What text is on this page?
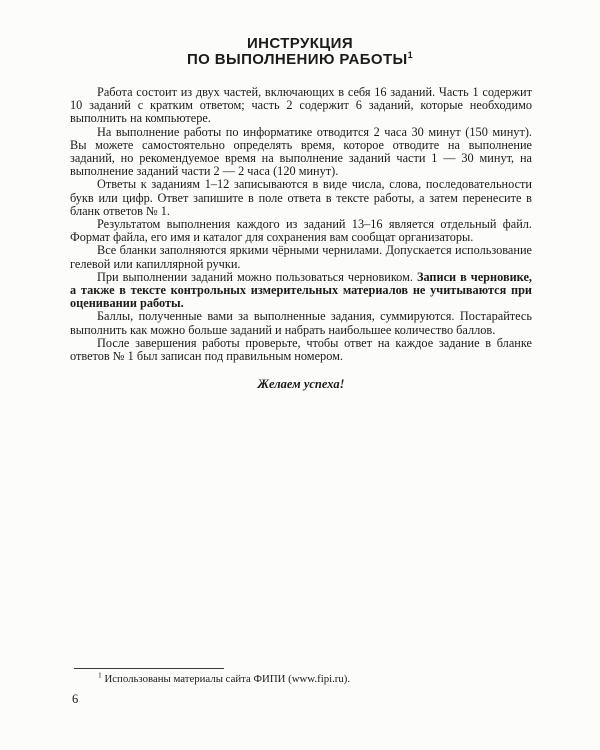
ИНСТРУКЦИЯ
ПО ВЫПОЛНЕНИЮ РАБОТЫ$^1$

Работа состоит из двух частей, включающих в себя 16 заданий. Часть 1 содержит 10 заданий с кратким ответом; часть 2 содержит 6 заданий, которые необходимо выполнить на компьютере.

На выполнение работы по информатике отводится 2 часа 30 минут (150 минут). Вы можете самостоятельно определять время, которое отводите на выполнение заданий, но рекомендуемое время на выполнение заданий части 1 — 30 минут, на выполнение заданий части 2 — 2 часа (120 минут).

Ответы к заданиям 1–12 записываются в виде числа, слова, последовательности букв или цифр. Ответ запишите в поле ответа в тексте работы, а затем перенесите в бланк ответов № 1.

Результатом выполнения каждого из заданий 13–16 является отдельный файл. Формат файла, его имя и каталог для сохранения вам сообщат организаторы.

Все бланки заполняются яркими чёрными чернилами. Допускается использование гелевой или капиллярной ручки.

При выполнении заданий можно пользоваться черновиком. Записи в черновике, а также в тексте контрольных измерительных материалов не учитываются при оценивании работы.

Баллы, полученные вами за выполненные задания, суммируются. Постарайтесь выполнить как можно больше заданий и набрать наибольшее количество баллов.

После завершения работы проверьте, чтобы ответ на каждое задание в бланке ответов № 1 был записан под правильным номером.

Желаем успеха!
$^1$ Использованы материалы сайта ФИПИ (www.fipi.ru).
6
